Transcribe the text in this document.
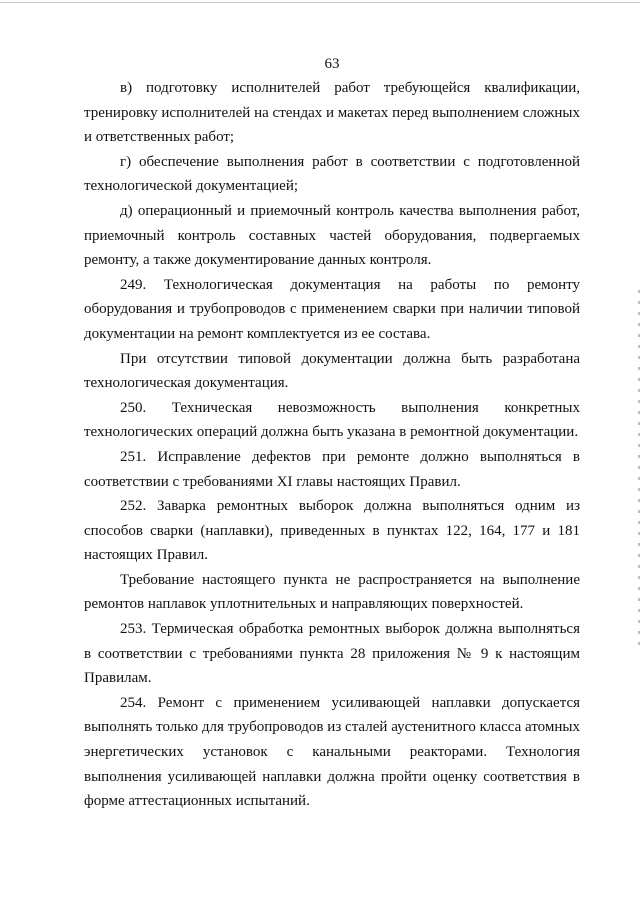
63

в) подготовку исполнителей работ требующейся квалификации, тренировку исполнителей на стендах и макетах перед выполнением сложных и ответственных работ;

г) обеспечение выполнения работ в соответствии с подготовленной технологической документацией;

д) операционный и приемочный контроль качества выполнения работ, приемочный контроль составных частей оборудования, подвергаемых ремонту, а также документирование данных контроля.

249. Технологическая документация на работы по ремонту оборудования и трубопроводов с применением сварки при наличии типовой документации на ремонт комплектуется из ее состава.

При отсутствии типовой документации должна быть разработана технологическая документация.

250. Техническая невозможность выполнения конкретных технологических операций должна быть указана в ремонтной документации.

251. Исправление дефектов при ремонте должно выполняться в соответствии с требованиями XI главы настоящих Правил.

252. Заварка ремонтных выборок должна выполняться одним из способов сварки (наплавки), приведенных в пунктах 122, 164, 177 и 181 настоящих Правил.

Требование настоящего пункта не распространяется на выполнение ремонтов наплавок уплотнительных и направляющих поверхностей.

253. Термическая обработка ремонтных выборок должна выполняться в соответствии с требованиями пункта 28 приложения № 9 к настоящим Правилам.

254. Ремонт с применением усиливающей наплавки допускается выполнять только для трубопроводов из сталей аустенитного класса атомных энергетических установок с канальными реакторами. Технология выполнения усиливающей наплавки должна пройти оценку соответствия в форме аттестационных испытаний.
